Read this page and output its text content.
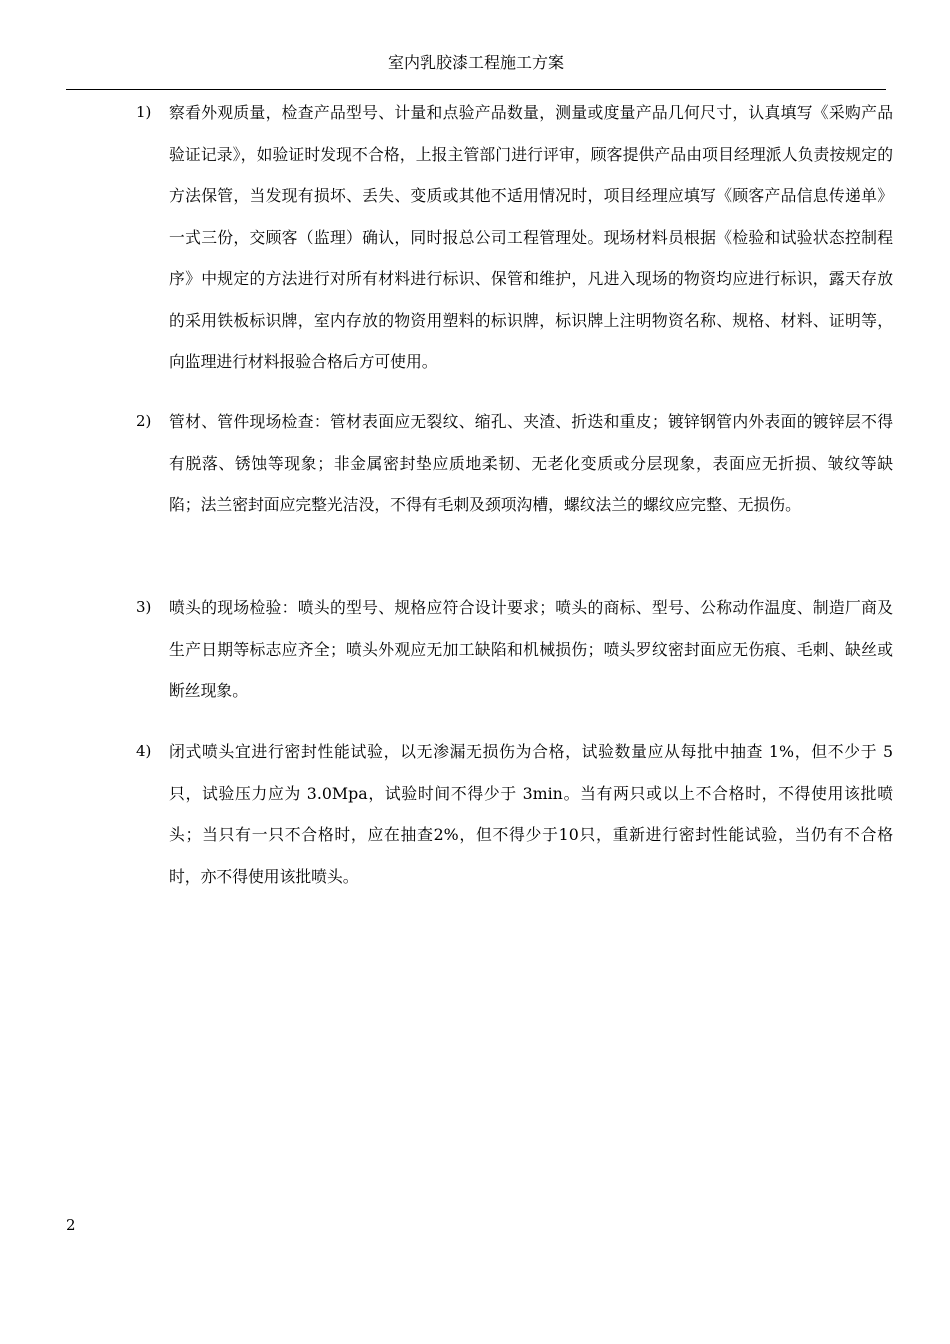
室内乳胶漆工程施工方案
1) 察看外观质量，检查产品型号、计量和点验产品数量，测量或度量产品几何尺寸，认真填写《采购产品验证记录》，如验证时发现不合格，上报主管部门进行评审，顾客提供产品由项目经理派人负责按规定的方法保管，当发现有损坏、丢失、变质或其他不适用情况时，项目经理应填写《顾客产品信息传递单》一式三份，交顾客（监理）确认，同时报总公司工程管理处。现场材料员根据《检验和试验状态控制程序》中规定的方法进行对所有材料进行标识、保管和维护，凡进入现场的物资均应进行标识，露天存放的采用铁板标识牌，室内存放的物资用塑料的标识牌，标识牌上注明物资名称、规格、材料、证明等，向监理进行材料报验合格后方可使用。
2) 管材、管件现场检查：管材表面应无裂纹、缩孔、夹渣、折迭和重皮；镀锌钢管内外表面的镀锌层不得有脱落、锈蚀等现象；非金属密封垫应质地柔韧、无老化变质或分层现象，表面应无折损、皱纹等缺陷；法兰密封面应完整光洁没，不得有毛刺及颈项沟槽，螺纹法兰的螺纹应完整、无损伤。
3) 喷头的现场检验：喷头的型号、规格应符合设计要求；喷头的商标、型号、公称动作温度、制造厂商及生产日期等标志应齐全；喷头外观应无加工缺陷和机械损伤；喷头罗纹密封面应无伤痕、毛刺、缺丝或断丝现象。
4) 闭式喷头宜进行密封性能试验，以无渗漏无损伤为合格，试验数量应从每批中抽查 1%，但不少于 5 只，试验压力应为 3.0Mpa，试验时间不得少于 3min。当有两只或以上不合格时，不得使用该批喷头；当只有一只不合格时，应在抽查2%，但不得少于10只，重新进行密封性能试验，当仍有不合格时，亦不得使用该批喷头。
2
